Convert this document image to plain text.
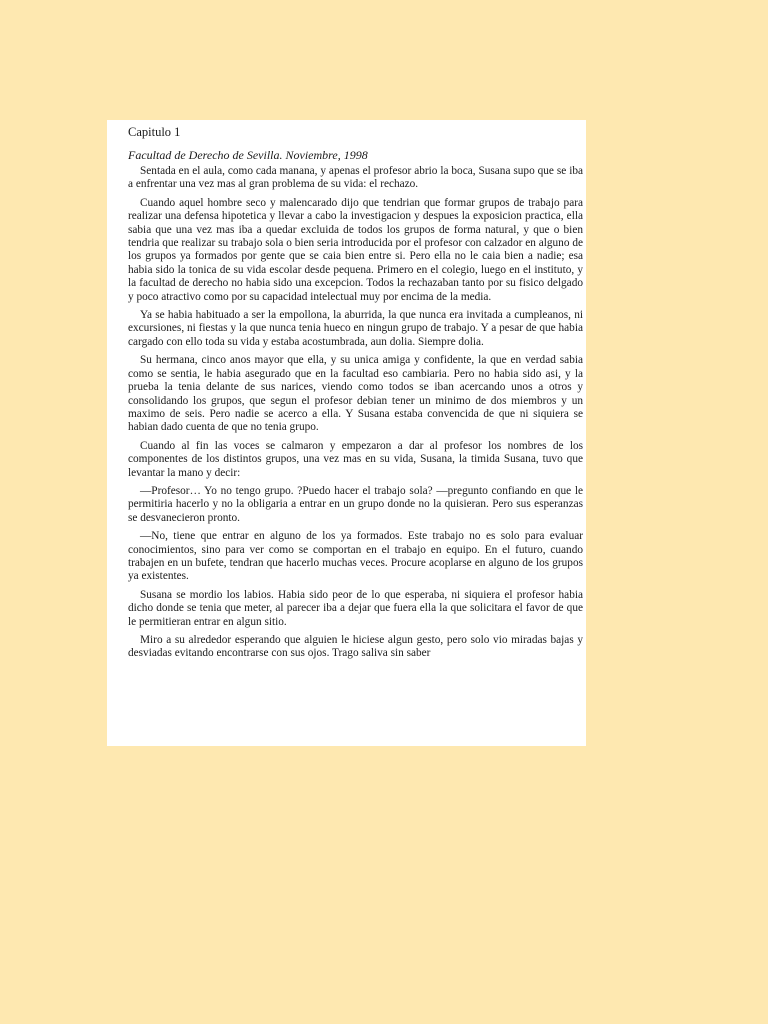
Capitulo 1
Facultad de Derecho de Sevilla. Noviembre, 1998

Sentada en el aula, como cada manana, y apenas el profesor abrio la boca, Susana supo que se iba a enfrentar una vez mas al gran problema de su vida: el rechazo.

Cuando aquel hombre seco y malencarado dijo que tendrian que formar grupos de trabajo para realizar una defensa hipotetica y llevar a cabo la investigacion y despues la exposicion practica, ella sabia que una vez mas iba a quedar excluida de todos los grupos de forma natural, y que o bien tendria que realizar su trabajo sola o bien seria introducida por el profesor con calzador en alguno de los grupos ya formados por gente que se caia bien entre si. Pero ella no le caia bien a nadie; esa habia sido la tonica de su vida escolar desde pequena. Primero en el colegio, luego en el instituto, y la facultad de derecho no habia sido una excepcion. Todos la rechazaban tanto por su fisico delgado y poco atractivo como por su capacidad intelectual muy por encima de la media.

Ya se habia habituado a ser la empollona, la aburrida, la que nunca era invitada a cumpleanos, ni excursiones, ni fiestas y la que nunca tenia hueco en ningun grupo de trabajo. Y a pesar de que habia cargado con ello toda su vida y estaba acostumbrada, aun dolia. Siempre dolia.

Su hermana, cinco anos mayor que ella, y su unica amiga y confidente, la que en verdad sabia como se sentia, le habia asegurado que en la facultad eso cambiaria. Pero no habia sido asi, y la prueba la tenia delante de sus narices, viendo como todos se iban acercando unos a otros y consolidando los grupos, que segun el profesor debian tener un minimo de dos miembros y un maximo de seis. Pero nadie se acerco a ella. Y Susana estaba convencida de que ni siquiera se habian dado cuenta de que no tenia grupo.

Cuando al fin las voces se calmaron y empezaron a dar al profesor los nombres de los componentes de los distintos grupos, una vez mas en su vida, Susana, la timida Susana, tuvo que levantar la mano y decir:

—Profesor… Yo no tengo grupo. ?Puedo hacer el trabajo sola? —pregunto confiando en que le permitiria hacerlo y no la obligaria a entrar en un grupo donde no la quisieran. Pero sus esperanzas se desvanecieron pronto.

—No, tiene que entrar en alguno de los ya formados. Este trabajo no es solo para evaluar conocimientos, sino para ver como se comportan en el trabajo en equipo. En el futuro, cuando trabajen en un bufete, tendran que hacerlo muchas veces. Procure acoplarse en alguno de los grupos ya existentes.

Susana se mordio los labios. Habia sido peor de lo que esperaba, ni siquiera el profesor habia dicho donde se tenia que meter, al parecer iba a dejar que fuera ella la que solicitara el favor de que le permitieran entrar en algun sitio.

Miro a su alrededor esperando que alguien le hiciese algun gesto, pero solo vio miradas bajas y desviadas evitando encontrarse con sus ojos. Trago saliva sin saber
